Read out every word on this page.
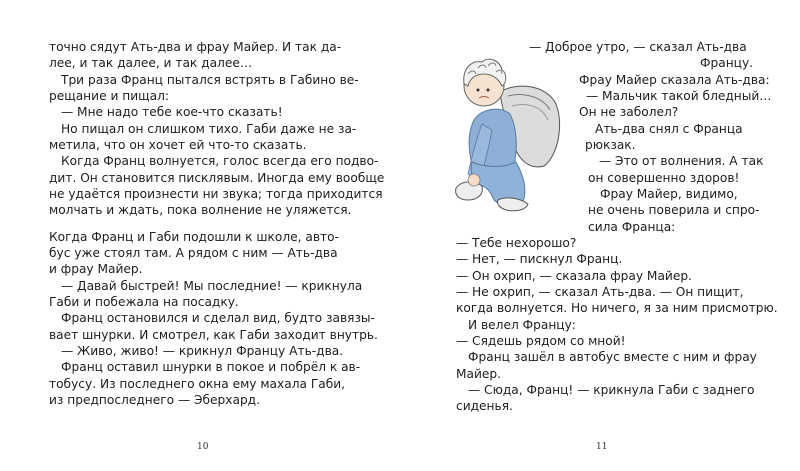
точно сядут Ать-два и фрау Майер. И так да-
лее, и так далее, и так далее…
Три раза Франц пытался встрять в Габино ве-
рещание и пищал:
— Мне надо тебе кое-что сказать!
Но пищал он слишком тихо. Габи даже не за-
метила, что он хочет ей что-то сказать.
Когда Франц волнуется, голос всегда его подво-
дит. Он становится писклявым. Иногда ему вообще
не удаётся произнести ни звука; тогда приходится
молчать и ждать, пока волнение не уляжется.
Когда Франц и Габи подошли к школе, авто-
бус уже стоял там. А рядом с ним — Ать-два
и фрау Майер.
— Давай быстрей! Мы последние! — крикнула
Габи и побежала на посадку.
Франц остановился и сделал вид, будто завязы-
вает шнурки. И смотрел, как Габи заходит внутрь.
— Живо, живо! — крикнул Францу Ать-два.
Франц оставил шнурки в покое и побрёл к ав-
тобусу. Из последнего окна ему махала Габи,
из предпоследнего — Эберхард.
10
— Доброе утро, — сказал Ать-два
Францу.
Фрау Майер сказала Ать-два:
— Мальчик такой бледный…
Он не заболел?
Ать-два снял с Франца
рюкзак.
— Это от волнения. А так
он совершенно здоров!
Фрау Майер, видимо,
не очень поверила и спро-
сила Франца:
— Тебе нехорошо?
— Нет, — пискнул Франц.
— Он охрип, — сказала фрау Майер.
— Не охрип, — сказал Ать-два. — Он пищит,
когда волнуется. Но ничего, я за ним присмотрю.
И велел Францу:
— Сядешь рядом со мной!
Франц зашёл в автобус вместе с ним и фрау
Майер.
— Сюда, Франц! — крикнула Габи с заднего
сиденья.
11
